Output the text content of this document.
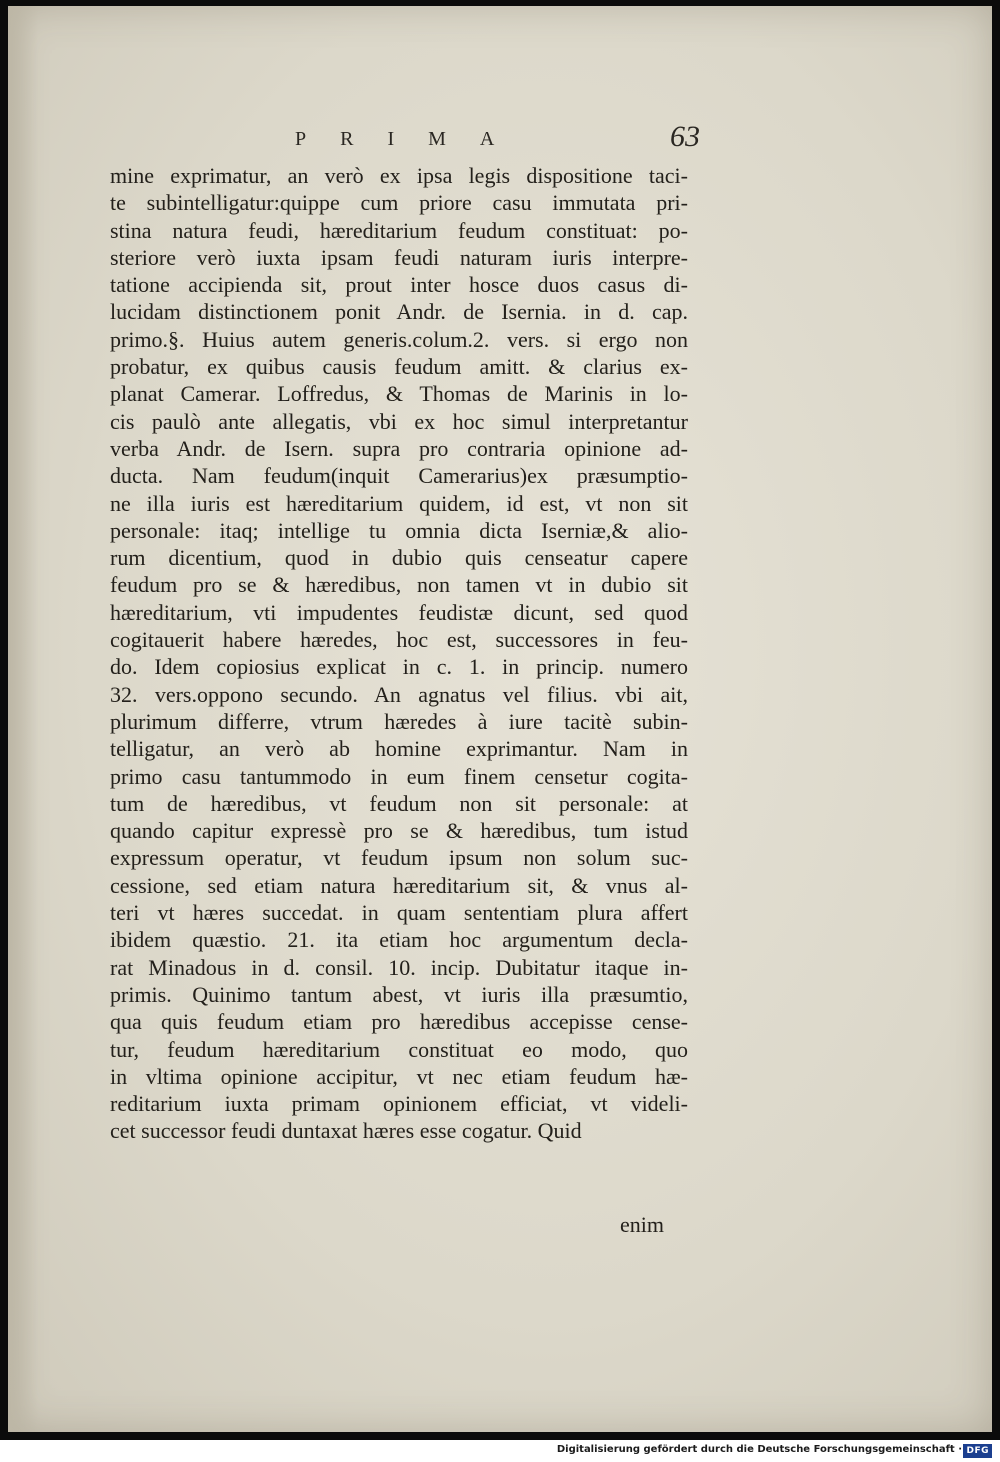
PRIMA	63
mine exprimatur, an verò ex ipsa legis dispositione taci-
te subintelligatur:quippe cum priore casu immutata pri-
stina natura feudi, hæreditarium feudum constituat: po-
steriore verò iuxta ipsam feudi naturam iuris interpre-
tatione accipienda sit, prout inter hosce duos casus di-
lucidam distinctionem ponit Andr. de Isernia. in d. cap.
primo.§. Huius autem generis.colum.2. vers. si ergo non
probatur, ex quibus causis feudum amitt. & clarius ex-
planat Camerar. Loffredus, & Thomas de Marinis in lo-
cis paulò ante allegatis, vbi ex hoc simul interpretantur
verba Andr. de Isern. supra pro contraria opinione ad-
ducta. Nam feudum(inquit Camerarius)ex præsumptio-
ne illa iuris est hæreditarium quidem, id est, vt non sit
personale: itaq; intellige tu omnia dicta Iserniæ,& alio-
rum dicentium, quod in dubio quis censeatur capere
feudum pro se & hæredibus, non tamen vt in dubio sit
hæreditarium, vti impudentes feudistæ dicunt, sed quod
cogitauerit habere hæredes, hoc est, successores in feu-
do. Idem copiosius explicat in c. 1. in princip. numero
32. vers.oppono secundo. An agnatus vel filius. vbi ait,
plurimum differre, vtrum hæredes à iure tacitè subin-
telligatur, an verò ab homine exprimantur. Nam in
primo casu tantummodo in eum finem censetur cogita-
tum de hæredibus, vt feudum non sit personale: at
quando capitur expressè pro se & hæredibus, tum istud
expressum operatur, vt feudum ipsum non solum suc-
cessione, sed etiam natura hæreditarium sit, & vnus al-
teri vt hæres succedat. in quam sententiam plura affert
ibidem quæstio. 21. ita etiam hoc argumentum decla-
rat Minadous in d. consil. 10. incip. Dubitatur itaque in-
primis. Quinimo tantum abest, vt iuris illa præsumtio,
qua quis feudum etiam pro hæredibus accepisse cense-
tur, feudum hæreditarium constituat eo modo, quo
in vltima opinione accipitur, vt nec etiam feudum hæ-
reditarium iuxta primam opinionem efficiat, vt videli-
cet successor feudi duntaxat hæres esse cogatur. Quid
enim
Digitalisierung gefördert durch die Deutsche Forschungsgemeinschaft · DFG
